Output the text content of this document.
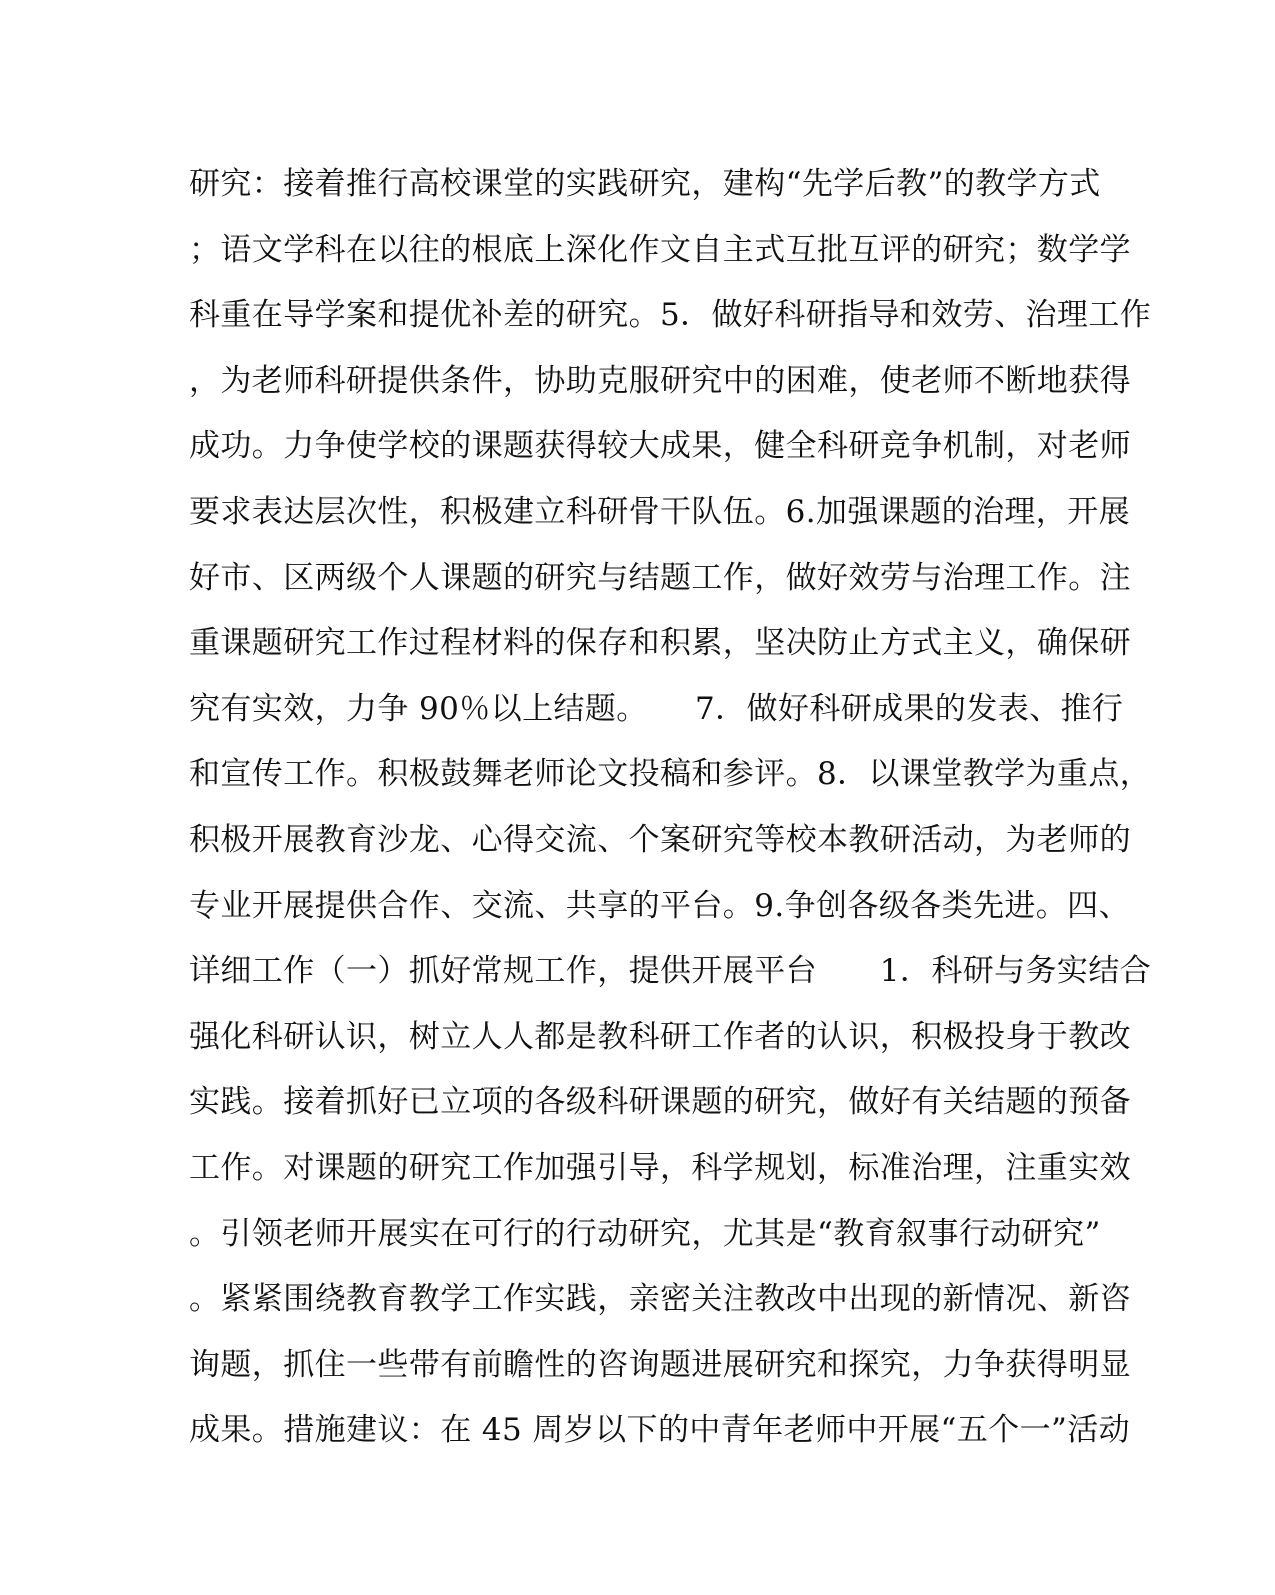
研究：接着推行高校课堂的实践研究，建构“先学后教”的教学方式
；语文学科在以往的根底上深化作文自主式互批互评的研究；数学学
科重在导学案和提优补差的研究。5．做好科研指导和效劳、治理工作
，为老师科研提供条件，协助克服研究中的困难，使老师不断地获得
成功。力争使学校的课题获得较大成果，健全科研竞争机制，对老师
要求表达层次性，积极建立科研骨干队伍。6.加强课题的治理，开展
好市、区两级个人课题的研究与结题工作，做好效劳与治理工作。注
重课题研究工作过程材料的保存和积累，坚决防止方式主义，确保研
究有实效，力争 90％以上结题。　　7．做好科研成果的发表、推行
和宣传工作。积极鼓舞老师论文投稿和参评。8．以课堂教学为重点，
积极开展教育沙龙、心得交流、个案研究等校本教研活动，为老师的
专业开展提供合作、交流、共享的平台。9.争创各级各类先进。四、
详细工作（一）抓好常规工作，提供开展平台　　1．科研与务实结合
强化科研认识，树立人人都是教科研工作者的认识，积极投身于教改
实践。接着抓好已立项的各级科研课题的研究，做好有关结题的预备
工作。对课题的研究工作加强引导，科学规划，标准治理，注重实效
。引领老师开展实在可行的行动研究，尤其是“教育叙事行动研究”
。紧紧围绕教育教学工作实践，亲密关注教改中出现的新情况、新咨
询题，抓住一些带有前瞻性的咨询题进展研究和探究，力争获得明显
成果。措施建议：在 45 周岁以下的中青年老师中开展“五个一”活动
